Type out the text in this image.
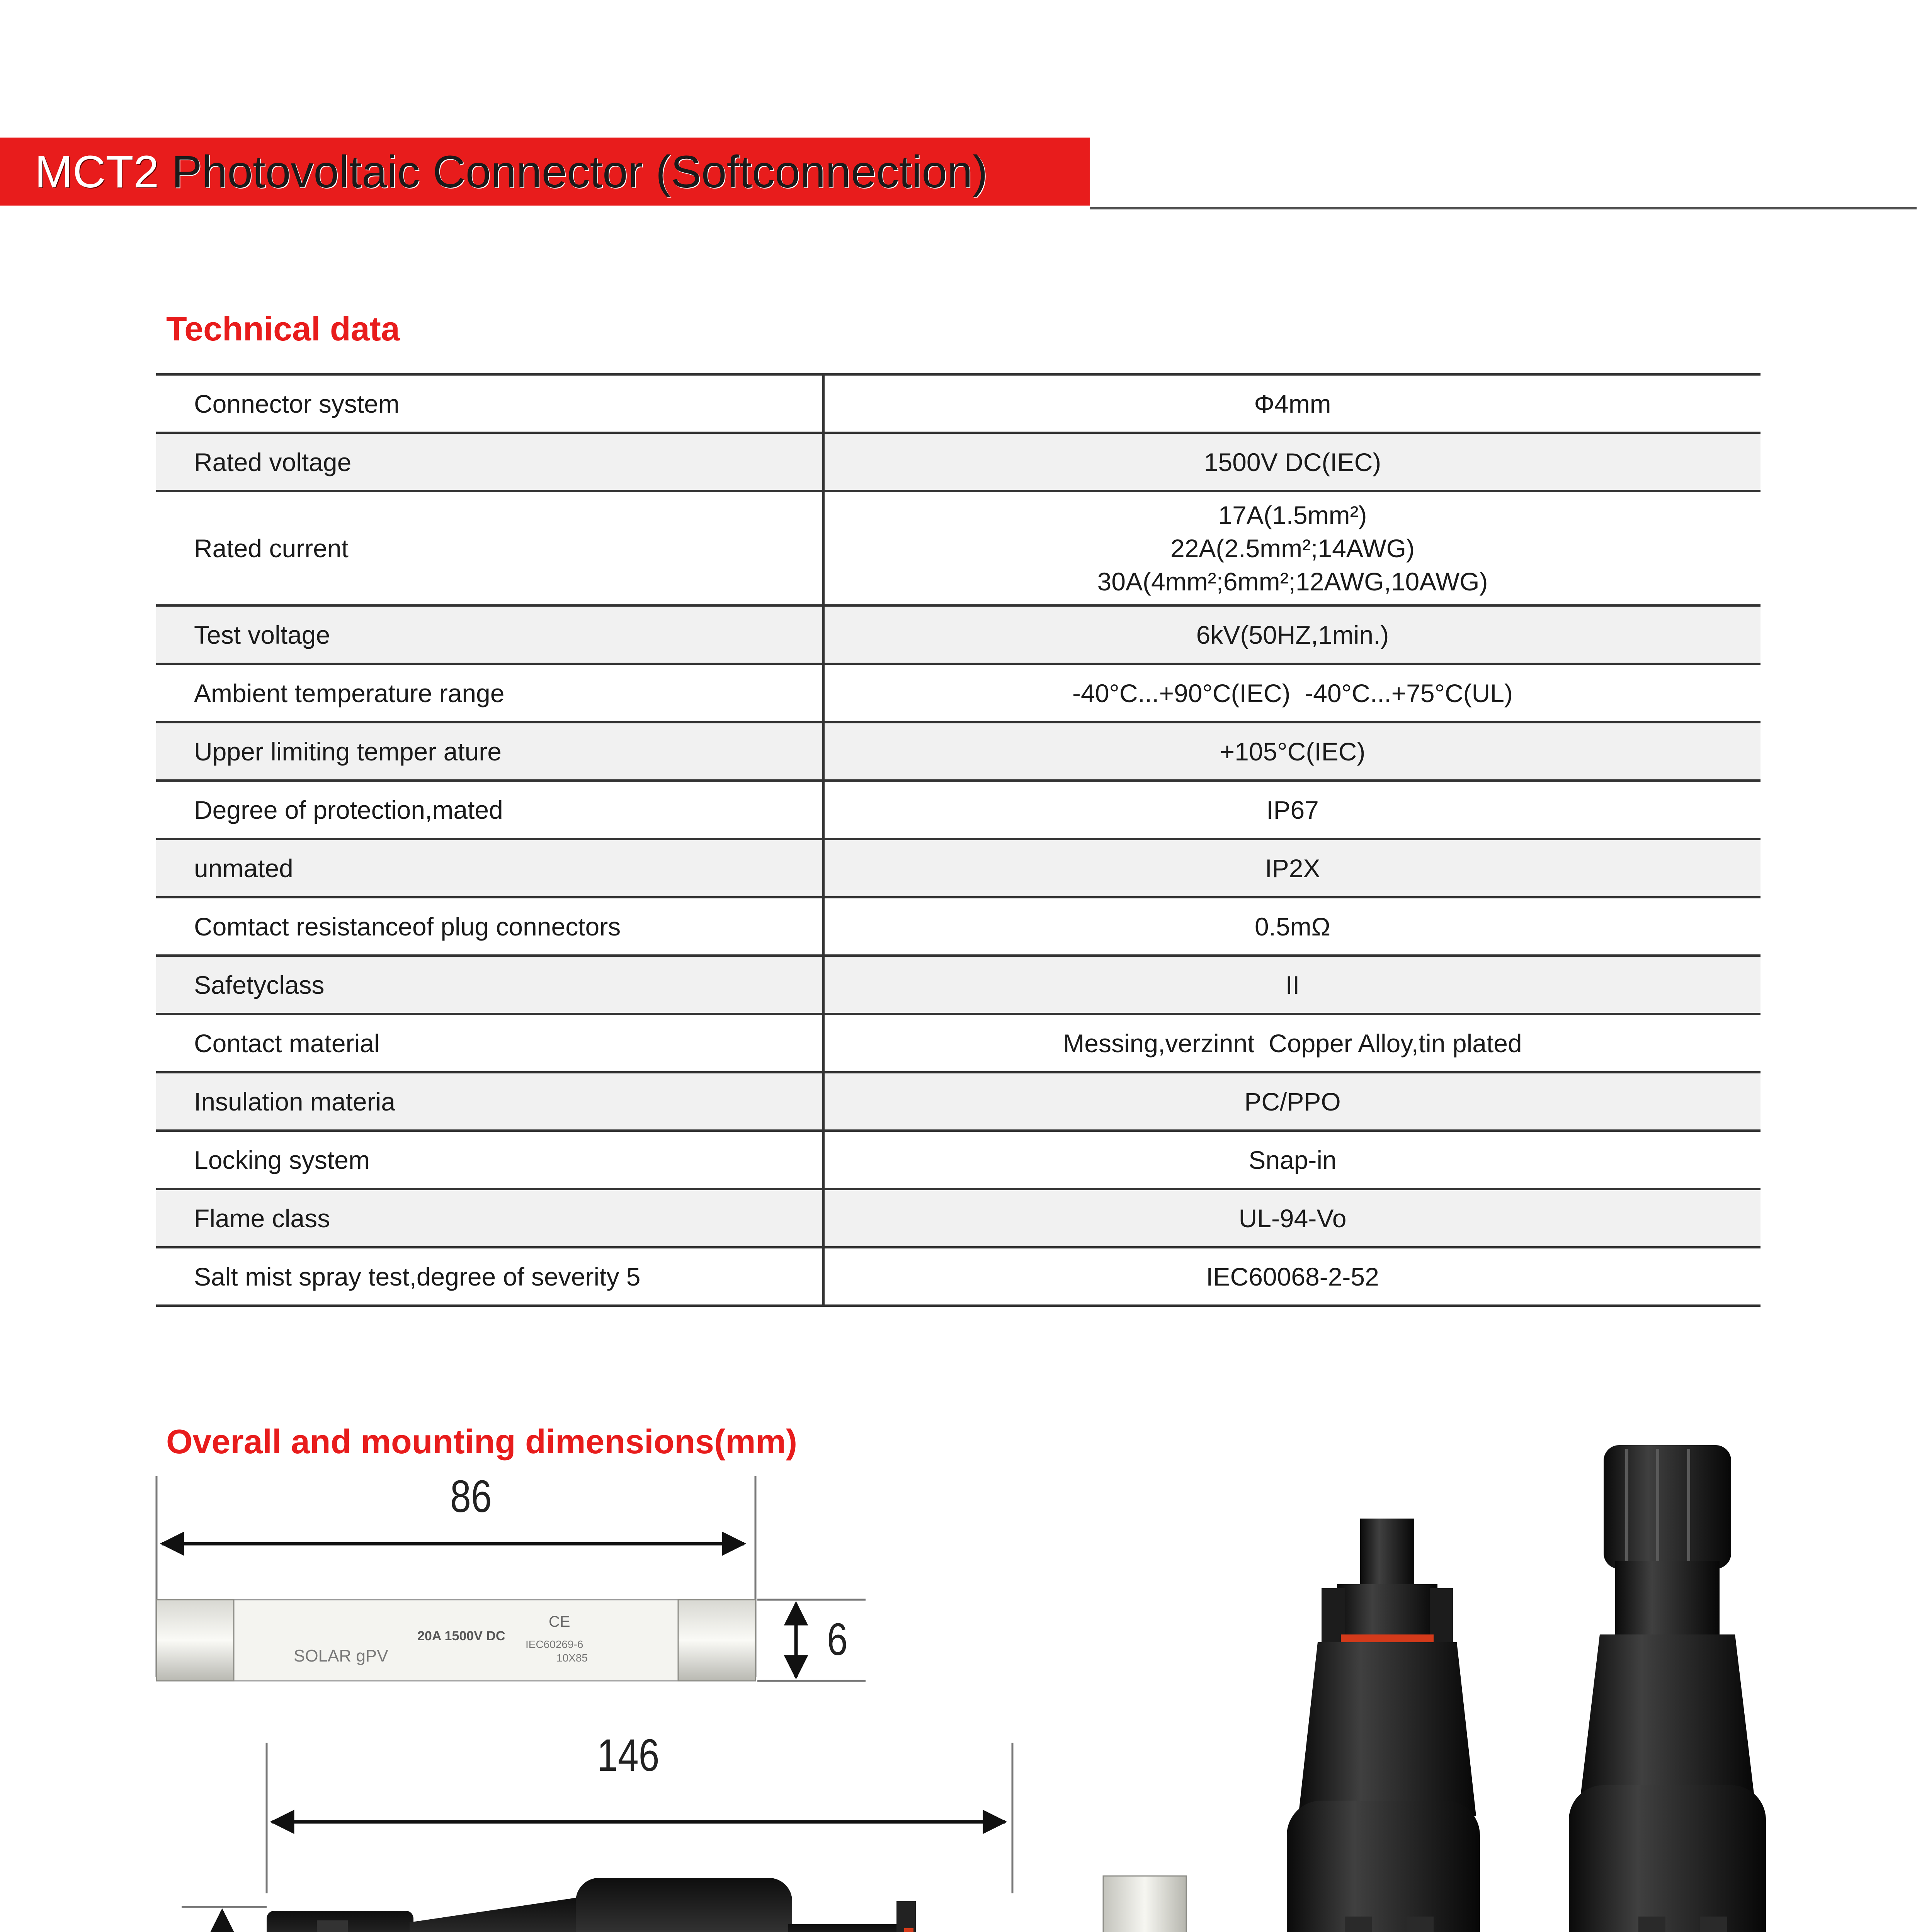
MCT2 Photovoltaic Connector (Softconnection)
Technical data
Connector system	Φ4mm
Rated voltage	1500V DC(IEC)
Rated current	17A(1.5mm²)
22A(2.5mm²;14AWG)
30A(4mm²;6mm²;12AWG,10AWG)

Test voltage	6kV(50HZ,1min.)
Ambient temperature range	-40°C...+90°C(IEC)  -40°C...+75°C(UL)
Upper limiting temper ature	+105°C(IEC)
Degree of protection,mated	IP67
unmated	IP2X
Comtact resistanceof plug connectors	0.5mΩ
Safetyclass	II
Contact material	Messing,verzinnt  Copper Alloy,tin plated
Insulation materia	PC/PPO
Locking system	Snap-in
Flame class	UL-94-Vo
Salt mist spray test,degree of severity 5	IEC60068-2-52
Overall and mounting dimensions(mm)
SOLAR gPV
20A 1500V DC
IEC60269-6
10X85
CE
86
6
146
